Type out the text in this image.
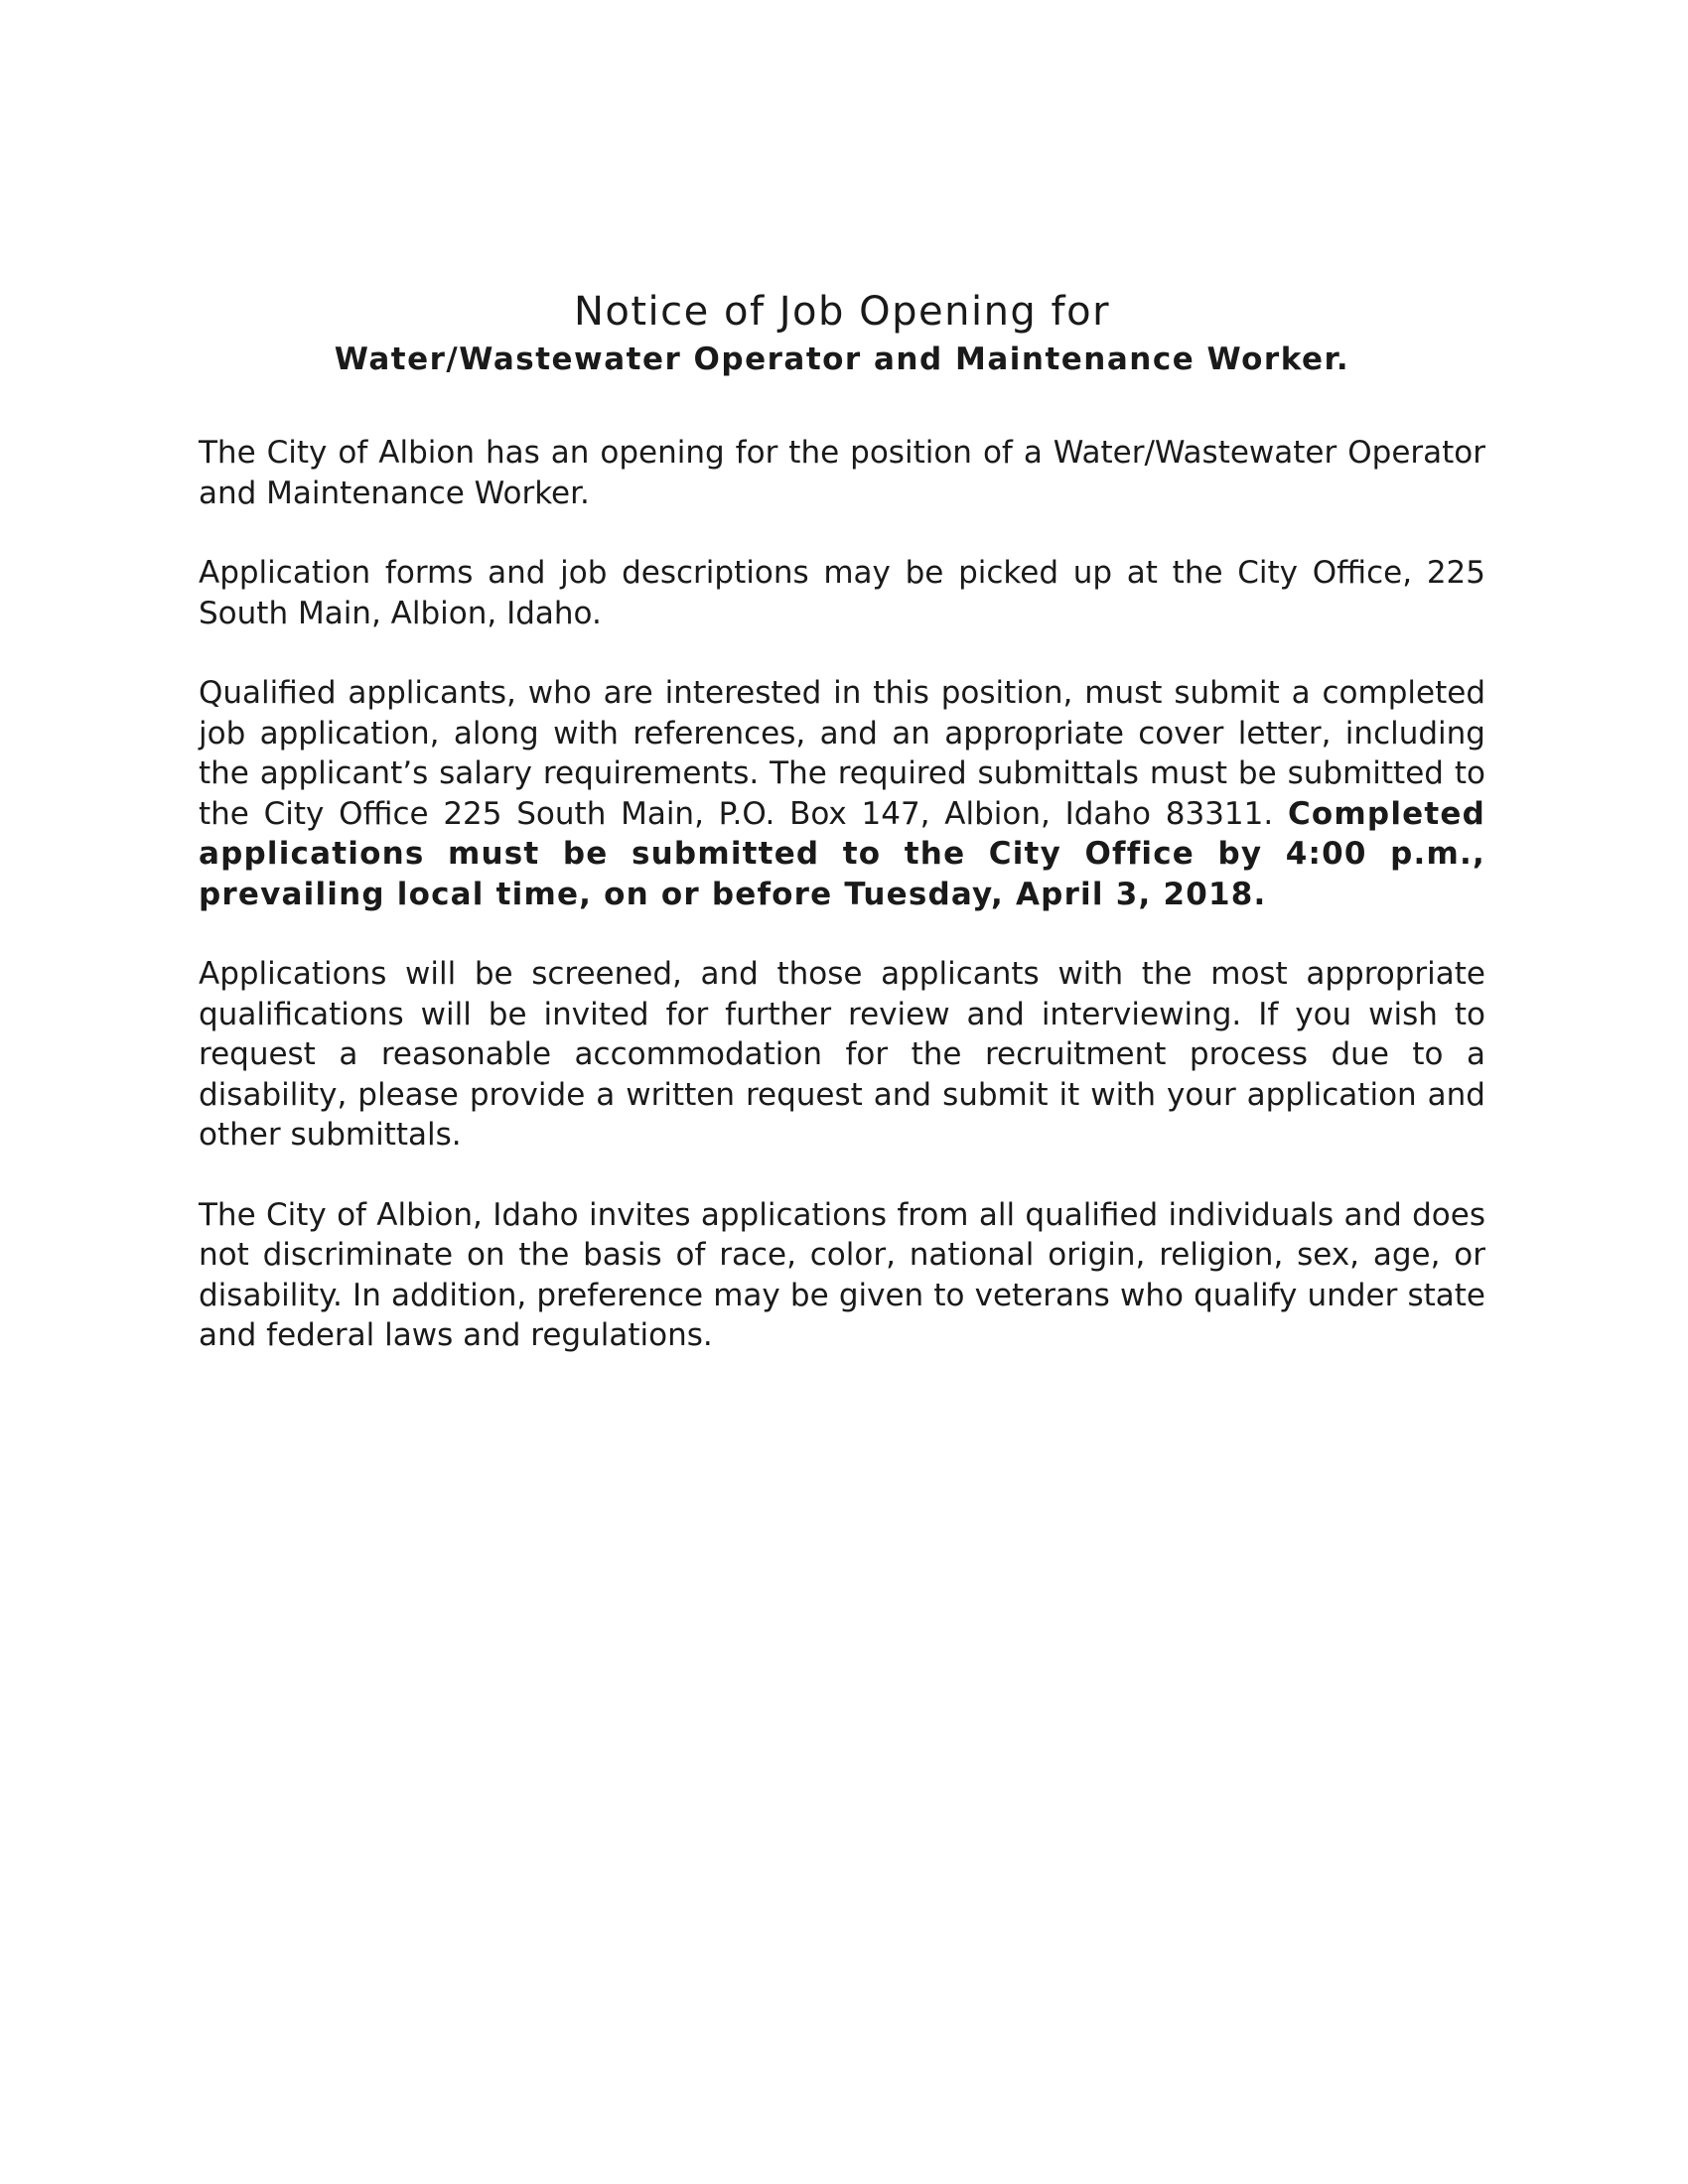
Notice of Job Opening for
Water/Wastewater Operator and Maintenance Worker.

The City of Albion has an opening for the position of a Water/Wastewater Operator and Maintenance Worker.

Application forms and job descriptions may be picked up at the City Office, 225 South Main, Albion, Idaho.

Qualified applicants, who are interested in this position, must submit a completed job application, along with references, and an appropriate cover letter, including the applicant’s salary requirements. The required submittals must be submitted to the City Office 225 South Main, P.O. Box 147, Albion, Idaho 83311. Completed applications must be submitted to the City Office by 4:00 p.m., prevailing local time, on or before Tuesday, April 3, 2018.

Applications will be screened, and those applicants with the most appropriate qualifications will be invited for further review and interviewing. If you wish to request a reasonable accommodation for the recruitment process due to a disability, please provide a written request and submit it with your application and other submittals.

The City of Albion, Idaho invites applications from all qualified individuals and does not discriminate on the basis of race, color, national origin, religion, sex, age, or disability. In addition, preference may be given to veterans who qualify under state and federal laws and regulations.
